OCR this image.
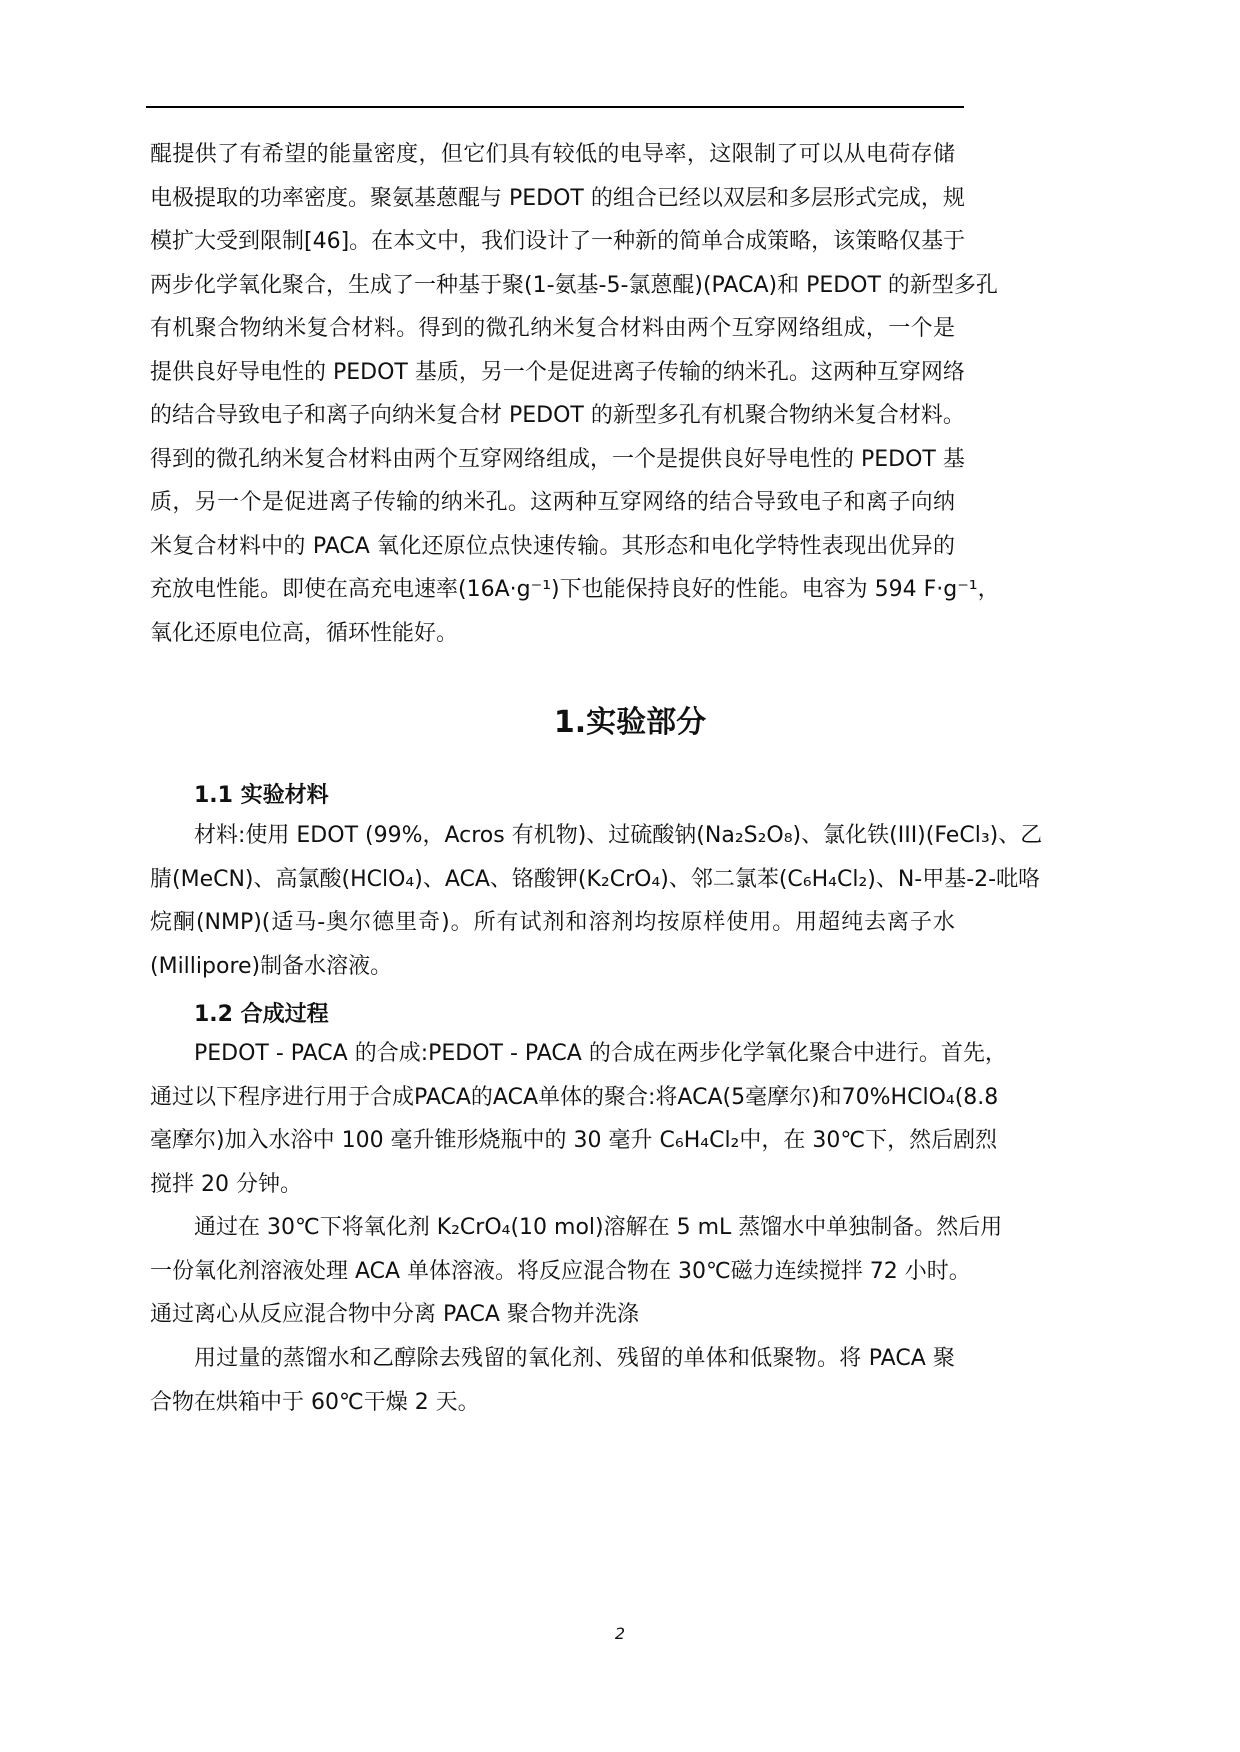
醌提供了有希望的能量密度，但它们具有较低的电导率，这限制了可以从电荷存储
电极提取的功率密度。聚氨基蒽醌与 PEDOT 的组合已经以双层和多层形式完成，规
模扩大受到限制[46]。在本文中，我们设计了一种新的简单合成策略，该策略仅基于
两步化学氧化聚合，生成了一种基于聚(1-氨基-5-氯蒽醌)(PACA)和 PEDOT 的新型多孔
有机聚合物纳米复合材料。得到的微孔纳米复合材料由两个互穿网络组成，一个是
提供良好导电性的 PEDOT 基质，另一个是促进离子传输的纳米孔。这两种互穿网络
的结合导致电子和离子向纳米复合材 PEDOT 的新型多孔有机聚合物纳米复合材料。
得到的微孔纳米复合材料由两个互穿网络组成，一个是提供良好导电性的 PEDOT 基
质，另一个是促进离子传输的纳米孔。这两种互穿网络的结合导致电子和离子向纳
米复合材料中的 PACA 氧化还原位点快速传输。其形态和电化学特性表现出优异的
充放电性能。即使在高充电速率(16A·g⁻¹)下也能保持良好的性能。电容为 594 F·g⁻¹，
氧化还原电位高，循环性能好。
材料:使用 EDOT (99%，Acros 有机物)、过硫酸钠(Na₂S₂O₈)、氯化铁(III)(FeCl₃)、乙
腈(MeCN)、高氯酸(HClO₄)、ACA、铬酸钾(K₂CrO₄)、邻二氯苯(C₆H₄Cl₂)、N-甲基-2-吡咯
烷酮(NMP)(适马-奥尔德里奇)。所有试剂和溶剂均按原样使用。用超纯去离子水
(Millipore)制备水溶液。
PEDOT - PACA 的合成:PEDOT - PACA 的合成在两步化学氧化聚合中进行。首先，
通过以下程序进行用于合成PACA的ACA单体的聚合:将ACA(5毫摩尔)和70%HClO₄(8.8
毫摩尔)加入水浴中 100 毫升锥形烧瓶中的 30 毫升 C₆H₄Cl₂中，在 30℃下，然后剧烈
搅拌 20 分钟。
通过在 30℃下将氧化剂 K₂CrO₄(10 mol)溶解在 5 mL 蒸馏水中单独制备。然后用
一份氧化剂溶液处理 ACA 单体溶液。将反应混合物在 30℃磁力连续搅拌 72 小时。
通过离心从反应混合物中分离 PACA 聚合物并洗涤
用过量的蒸馏水和乙醇除去残留的氧化剂、残留的单体和低聚物。将 PACA 聚
合物在烘箱中于 60℃干燥 2 天。
1.实验部分
1.1 实验材料
1.2 合成过程
2
